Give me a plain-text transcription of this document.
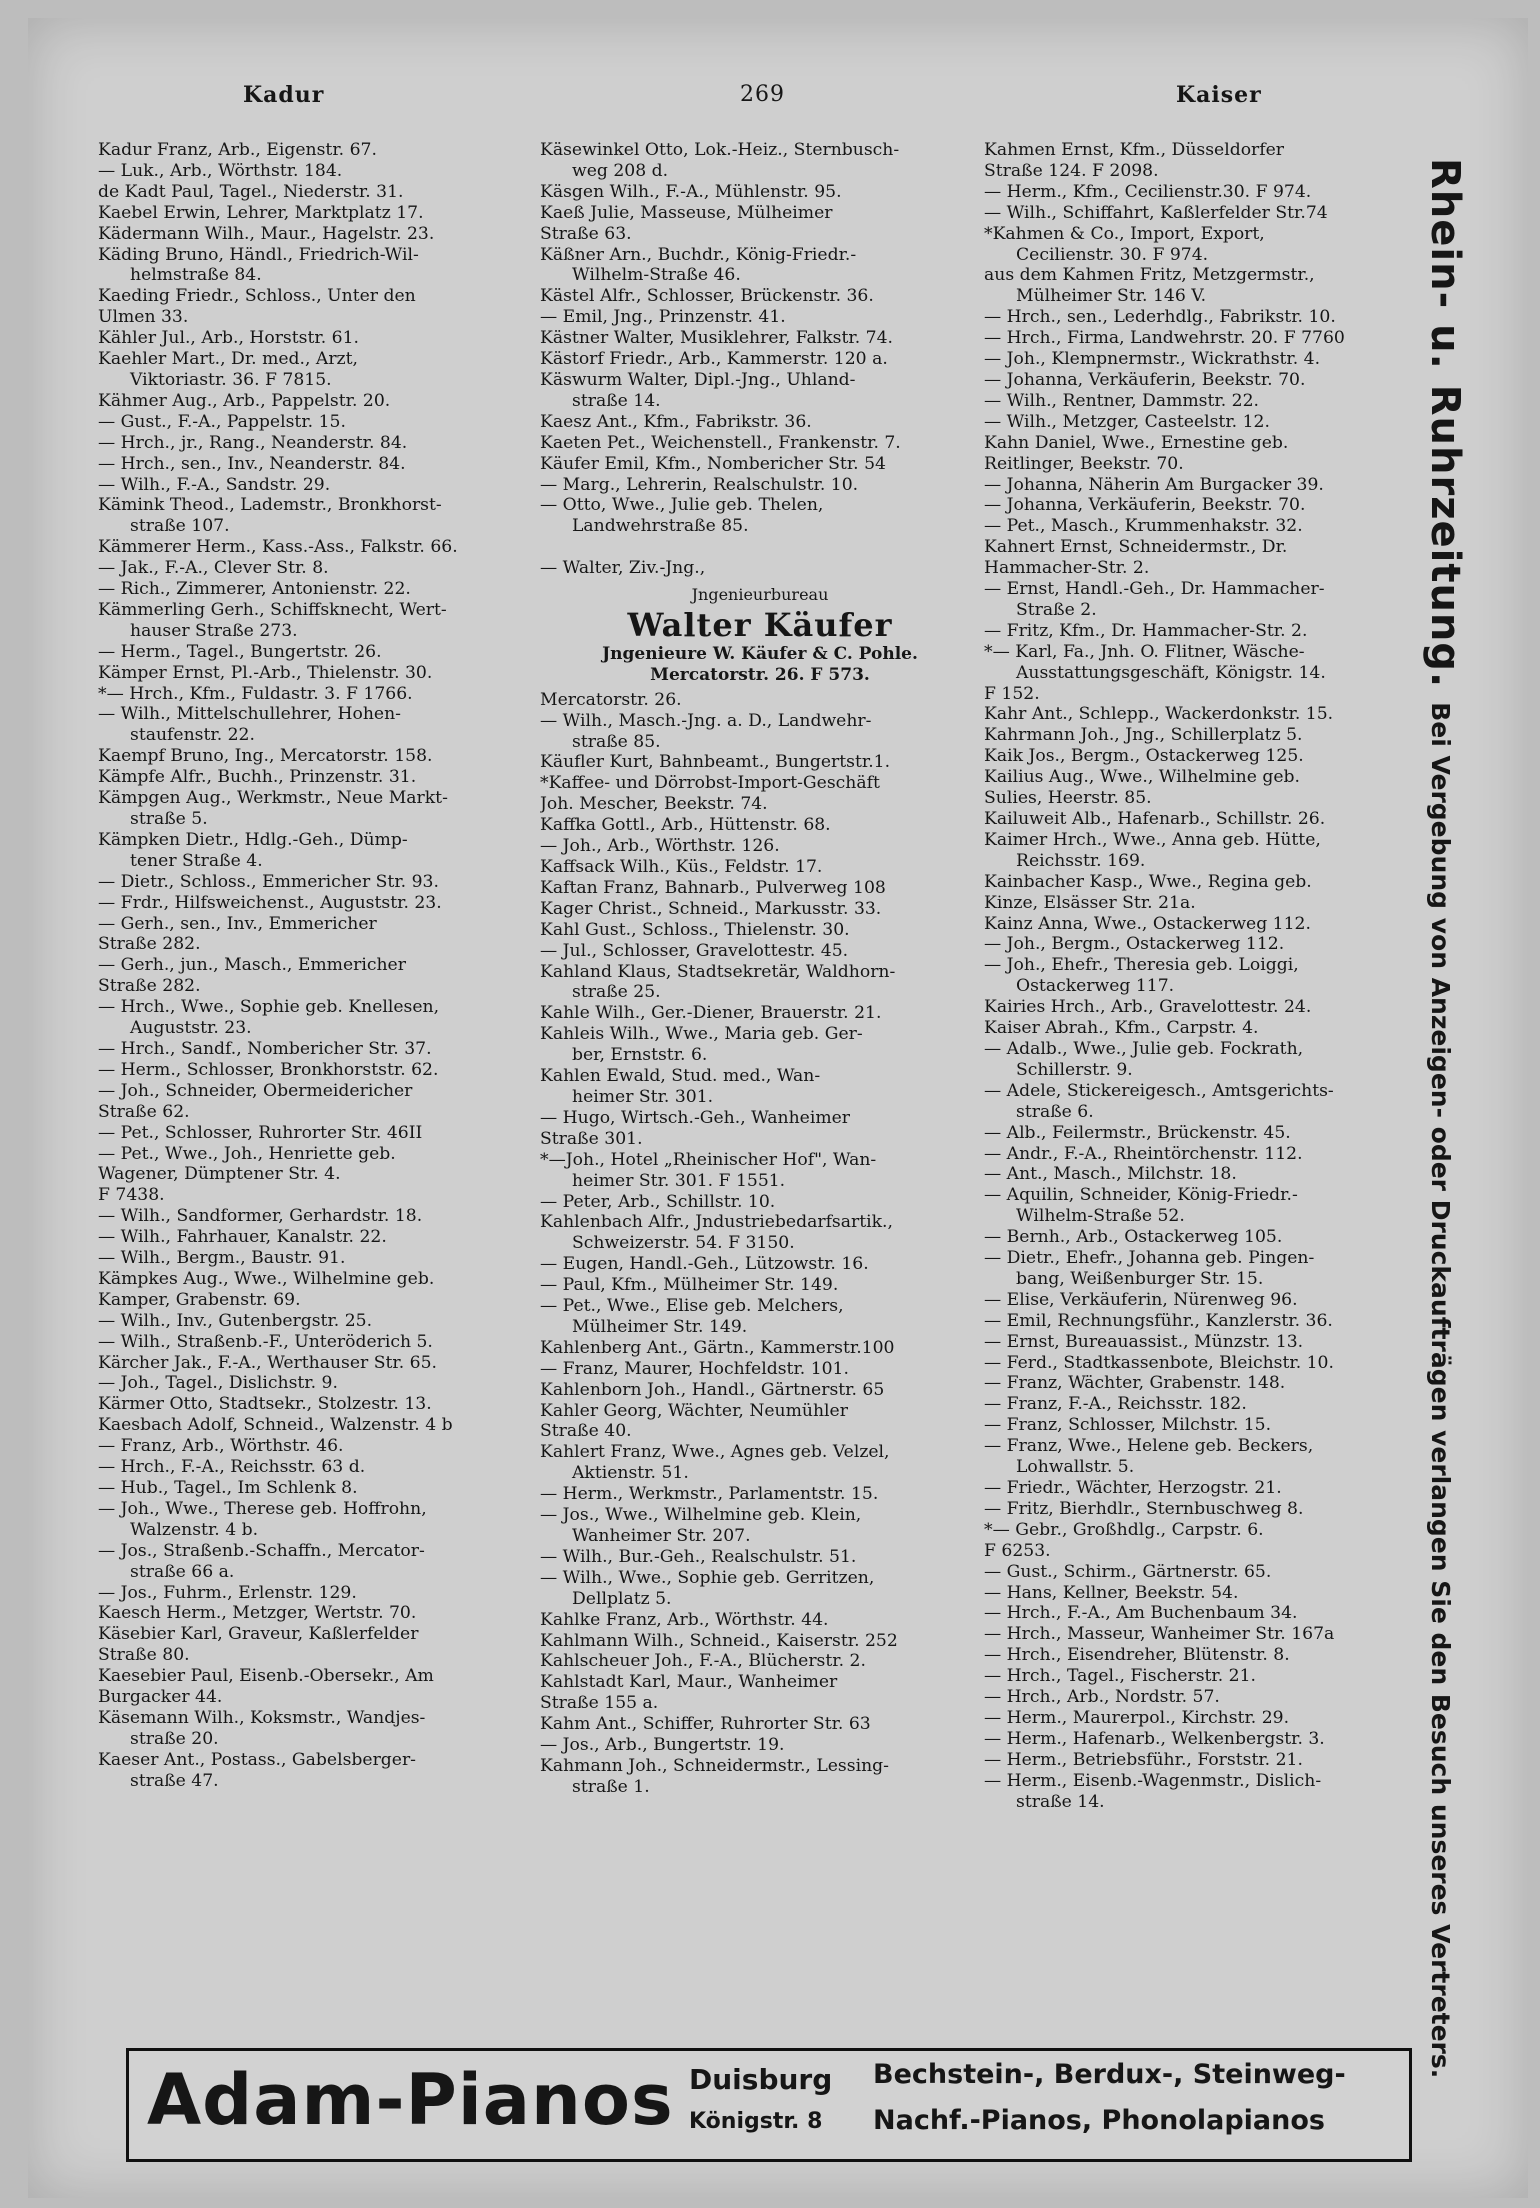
Kadur	269	Kaiser
Kadur Franz, Arb., Eigenstr. 67.
— Luk., Arb., Wörthstr. 184.
de Kadt Paul, Tagel., Niederstr. 31.
Kaebel Erwin, Lehrer, Marktplatz 17.
Kädermann Wilh., Maur., Hagelstr. 23.
Käding Bruno, Händl., Friedrich-Wil-
helmstraße 84.
Kaeding Friedr., Schloss., Unter den
Ulmen 33.
Kähler Jul., Arb., Horststr. 61.
Kaehler Mart., Dr. med., Arzt,
Viktoriastr. 36. F 7815.
Kähmer Aug., Arb., Pappelstr. 20.
— Gust., F.-A., Pappelstr. 15.
— Hrch., jr., Rang., Neanderstr. 84.
— Hrch., sen., Inv., Neanderstr. 84.
— Wilh., F.-A., Sandstr. 29.
Kämink Theod., Lademstr., Bronkhorst-
straße 107.
Kämmerer Herm., Kass.-Ass., Falkstr. 66.
— Jak., F.-A., Clever Str. 8.
— Rich., Zimmerer, Antonienstr. 22.
Kämmerling Gerh., Schiffsknecht, Wert-
hauser Straße 273.
— Herm., Tagel., Bungertstr. 26.
Kämper Ernst, Pl.-Arb., Thielenstr. 30.
*— Hrch., Kfm., Fuldastr. 3. F 1766.
— Wilh., Mittelschullehrer, Hohen-
staufenstr. 22.
Kaempf Bruno, Ing., Mercatorstr. 158.
Kämpfe Alfr., Buchh., Prinzenstr. 31.
Kämpgen Aug., Werkmstr., Neue Markt-
straße 5.
Kämpken Dietr., Hdlg.-Geh., Dümp-
tener Straße 4.
— Dietr., Schloss., Emmericher Str. 93.
— Frdr., Hilfsweichenst., Auguststr. 23.
— Gerh., sen., Inv., Emmericher
Straße 282.
— Gerh., jun., Masch., Emmericher
Straße 282.
— Hrch., Wwe., Sophie geb. Knellesen,
Auguststr. 23.
— Hrch., Sandf., Nombericher Str. 37.
— Herm., Schlosser, Bronkhorststr. 62.
— Joh., Schneider, Obermeidericher
Straße 62.
— Pet., Schlosser, Ruhrorter Str. 46II
— Pet., Wwe., Joh., Henriette geb.
Wagener, Dümptener Str. 4.
F 7438.
— Wilh., Sandformer, Gerhardstr. 18.
— Wilh., Fahrhauer, Kanalstr. 22.
— Wilh., Bergm., Baustr. 91.
Kämpkes Aug., Wwe., Wilhelmine geb.
Kamper, Grabenstr. 69.
— Wilh., Inv., Gutenbergstr. 25.
— Wilh., Straßenb.-F., Unteröderich 5.
Kärcher Jak., F.-A., Werthauser Str. 65.
— Joh., Tagel., Dislichstr. 9.
Kärmer Otto, Stadtsekr., Stolzestr. 13.
Kaesbach Adolf, Schneid., Walzenstr. 4 b
— Franz, Arb., Wörthstr. 46.
— Hrch., F.-A., Reichsstr. 63 d.
— Hub., Tagel., Im Schlenk 8.
— Joh., Wwe., Therese geb. Hoffrohn,
Walzenstr. 4 b.
— Jos., Straßenb.-Schaffn., Mercator-
straße 66 a.
— Jos., Fuhrm., Erlenstr. 129.
Kaesch Herm., Metzger, Wertstr. 70.
Käsebier Karl, Graveur, Kaßlerfelder
Straße 80.
Kaesebier Paul, Eisenb.-Obersekr., Am
Burgacker 44.
Käsemann Wilh., Koksmstr., Wandjes-
straße 20.
Kaeser Ant., Postass., Gabelsberger-
straße 47.
Käsewinkel Otto, Lok.-Heiz., Sternbusch-
weg 208 d.
Käsgen Wilh., F.-A., Mühlenstr. 95.
Kaeß Julie, Masseuse, Mülheimer
Straße 63.
Käßner Arn., Buchdr., König-Friedr.-
Wilhelm-Straße 46.
Kästel Alfr., Schlosser, Brückenstr. 36.
— Emil, Jng., Prinzenstr. 41.
Kästner Walter, Musiklehrer, Falkstr. 74.
Kästorf Friedr., Arb., Kammerstr. 120 a.
Käswurm Walter, Dipl.-Jng., Uhland-
straße 14.
Kaesz Ant., Kfm., Fabrikstr. 36.
Kaeten Pet., Weichenstell., Frankenstr. 7.
Käufer Emil, Kfm., Nombericher Str. 54
— Marg., Lehrerin, Realschulstr. 10.
— Otto, Wwe., Julie geb. Thelen,
Landwehrstraße 85.

— Walter, Ziv.-Jng.,
Jngenieurbureau
Walter Käufer
Jngenieure W. Käufer & C. Pohle.
Mercatorstr. 26. F 573.
Mercatorstr. 26.
— Wilh., Masch.-Jng. a. D., Landwehr-
straße 85.
Käufler Kurt, Bahnbeamt., Bungertstr.1.
*Kaffee- und Dörrobst-Import-Geschäft
Joh. Mescher, Beekstr. 74.
Kaffka Gottl., Arb., Hüttenstr. 68.
— Joh., Arb., Wörthstr. 126.
Kaffsack Wilh., Küs., Feldstr. 17.
Kaftan Franz, Bahnarb., Pulverweg 108
Kager Christ., Schneid., Markusstr. 33.
Kahl Gust., Schloss., Thielenstr. 30.
— Jul., Schlosser, Gravelottestr. 45.
Kahland Klaus, Stadtsekretär, Waldhorn-
straße 25.
Kahle Wilh., Ger.-Diener, Brauerstr. 21.
Kahleis Wilh., Wwe., Maria geb. Ger-
ber, Ernststr. 6.
Kahlen Ewald, Stud. med., Wan-
heimer Str. 301.
— Hugo, Wirtsch.-Geh., Wanheimer
Straße 301.
*—Joh., Hotel „Rheinischer Hof", Wan-
heimer Str. 301. F 1551.
— Peter, Arb., Schillstr. 10.
Kahlenbach Alfr., Jndustriebedarfsartik.,
Schweizerstr. 54. F 3150.
— Eugen, Handl.-Geh., Lützowstr. 16.
— Paul, Kfm., Mülheimer Str. 149.
— Pet., Wwe., Elise geb. Melchers,
Mülheimer Str. 149.
Kahlenberg Ant., Gärtn., Kammerstr.100
— Franz, Maurer, Hochfeldstr. 101.
Kahlenborn Joh., Handl., Gärtnerstr. 65
Kahler Georg, Wächter, Neumühler
Straße 40.
Kahlert Franz, Wwe., Agnes geb. Velzel,
Aktienstr. 51.
— Herm., Werkmstr., Parlamentstr. 15.
— Jos., Wwe., Wilhelmine geb. Klein,
Wanheimer Str. 207.
— Wilh., Bur.-Geh., Realschulstr. 51.
— Wilh., Wwe., Sophie geb. Gerritzen,
Dellplatz 5.
Kahlke Franz, Arb., Wörthstr. 44.
Kahlmann Wilh., Schneid., Kaiserstr. 252
Kahlscheuer Joh., F.-A., Blücherstr. 2.
Kahlstadt Karl, Maur., Wanheimer
Straße 155 a.
Kahm Ant., Schiffer, Ruhrorter Str. 63
— Jos., Arb., Bungertstr. 19.
Kahmann Joh., Schneidermstr., Lessing-
straße 1.
Kahmen Ernst, Kfm., Düsseldorfer
Straße 124. F 2098.
— Herm., Kfm., Cecilienstr.30. F 974.
— Wilh., Schiffahrt, Kaßlerfelder Str.74
*Kahmen & Co., Import, Export,
Cecilienstr. 30. F 974.
aus dem Kahmen Fritz, Metzgermstr.,
Mülheimer Str. 146 V.
— Hrch., sen., Lederhdlg., Fabrikstr. 10.
— Hrch., Firma, Landwehrstr. 20. F 7760
— Joh., Klempnermstr., Wickrathstr. 4.
— Johanna, Verkäuferin, Beekstr. 70.
— Wilh., Rentner, Dammstr. 22.
— Wilh., Metzger, Casteelstr. 12.
Kahn Daniel, Wwe., Ernestine geb.
Reitlinger, Beekstr. 70.
— Johanna, Näherin Am Burgacker 39.
— Johanna, Verkäuferin, Beekstr. 70.
— Pet., Masch., Krummenhakstr. 32.
Kahnert Ernst, Schneidermstr., Dr.
Hammacher-Str. 2.
— Ernst, Handl.-Geh., Dr. Hammacher-
Straße 2.
— Fritz, Kfm., Dr. Hammacher-Str. 2.
*— Karl, Fa., Jnh. O. Flitner, Wäsche-
Ausstattungsgeschäft, Königstr. 14.
F 152.
Kahr Ant., Schlepp., Wackerdonkstr. 15.
Kahrmann Joh., Jng., Schillerplatz 5.
Kaik Jos., Bergm., Ostackerweg 125.
Kailius Aug., Wwe., Wilhelmine geb.
Sulies, Heerstr. 85.
Kailuweit Alb., Hafenarb., Schillstr. 26.
Kaimer Hrch., Wwe., Anna geb. Hütte,
Reichsstr. 169.
Kainbacher Kasp., Wwe., Regina geb.
Kinze, Elsässer Str. 21a.
Kainz Anna, Wwe., Ostackerweg 112.
— Joh., Bergm., Ostackerweg 112.
— Joh., Ehefr., Theresia geb. Loiggi,
Ostackerweg 117.
Kairies Hrch., Arb., Gravelottestr. 24.
Kaiser Abrah., Kfm., Carpstr. 4.
— Adalb., Wwe., Julie geb. Fockrath,
Schillerstr. 9.
— Adele, Stickereigesch., Amtsgerichts-
straße 6.
— Alb., Feilermstr., Brückenstr. 45.
— Andr., F.-A., Rheintörchenstr. 112.
— Ant., Masch., Milchstr. 18.
— Aquilin, Schneider, König-Friedr.-
Wilhelm-Straße 52.
— Bernh., Arb., Ostackerweg 105.
— Dietr., Ehefr., Johanna geb. Pingen-
bang, Weißenburger Str. 15.
— Elise, Verkäuferin, Nürenweg 96.
— Emil, Rechnungsführ., Kanzlerstr. 36.
— Ernst, Bureauassist., Münzstr. 13.
— Ferd., Stadtkassenbote, Bleichstr. 10.
— Franz, Wächter, Grabenstr. 148.
— Franz, F.-A., Reichsstr. 182.
— Franz, Schlosser, Milchstr. 15.
— Franz, Wwe., Helene geb. Beckers,
Lohwallstr. 5.
— Friedr., Wächter, Herzogstr. 21.
— Fritz, Bierhdlr., Sternbuschweg 8.
*— Gebr., Großhdlg., Carpstr. 6.
F 6253.
— Gust., Schirm., Gärtnerstr. 65.
— Hans, Kellner, Beekstr. 54.
— Hrch., F.-A., Am Buchenbaum 34.
— Hrch., Masseur, Wanheimer Str. 167a
— Hrch., Eisendreher, Blütenstr. 8.
— Hrch., Tagel., Fischerstr. 21.
— Hrch., Arb., Nordstr. 57.
— Herm., Maurerpol., Kirchstr. 29.
— Herm., Hafenarb., Welkenbergstr. 3.
— Herm., Betriebsführ., Forststr. 21.
— Herm., Eisenb.-Wagenmstr., Dislich-
straße 14.
Rhein- u. Ruhrzeitung.Bei Vergebung von Anzeigen- oder Druckaufträgen verlangen Sie den Besuch unseres Vertreters.
Adam-Pianos Duisburg
Königstr. 8
Bechstein-, Berdux-, Steinweg-
Nachf.-Pianos, Phonolapianos
